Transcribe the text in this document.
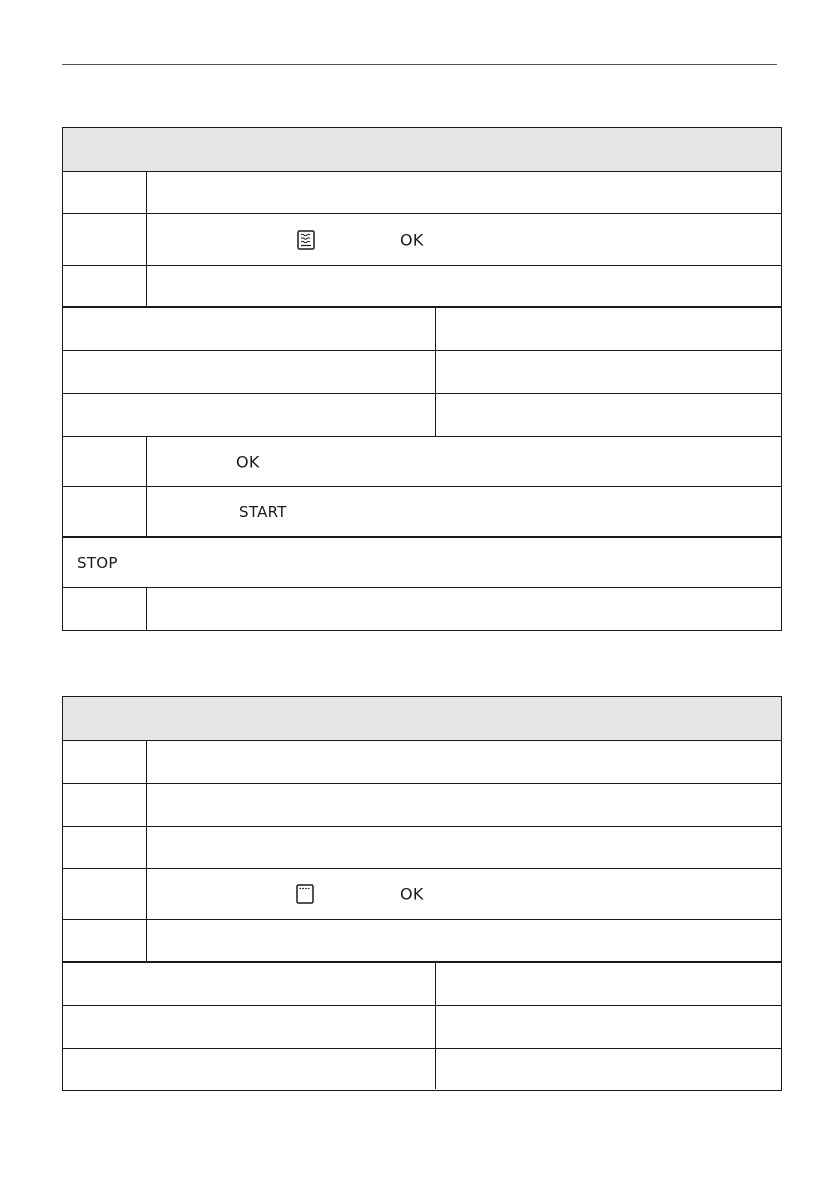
OK
OK
START
STOP
OK
